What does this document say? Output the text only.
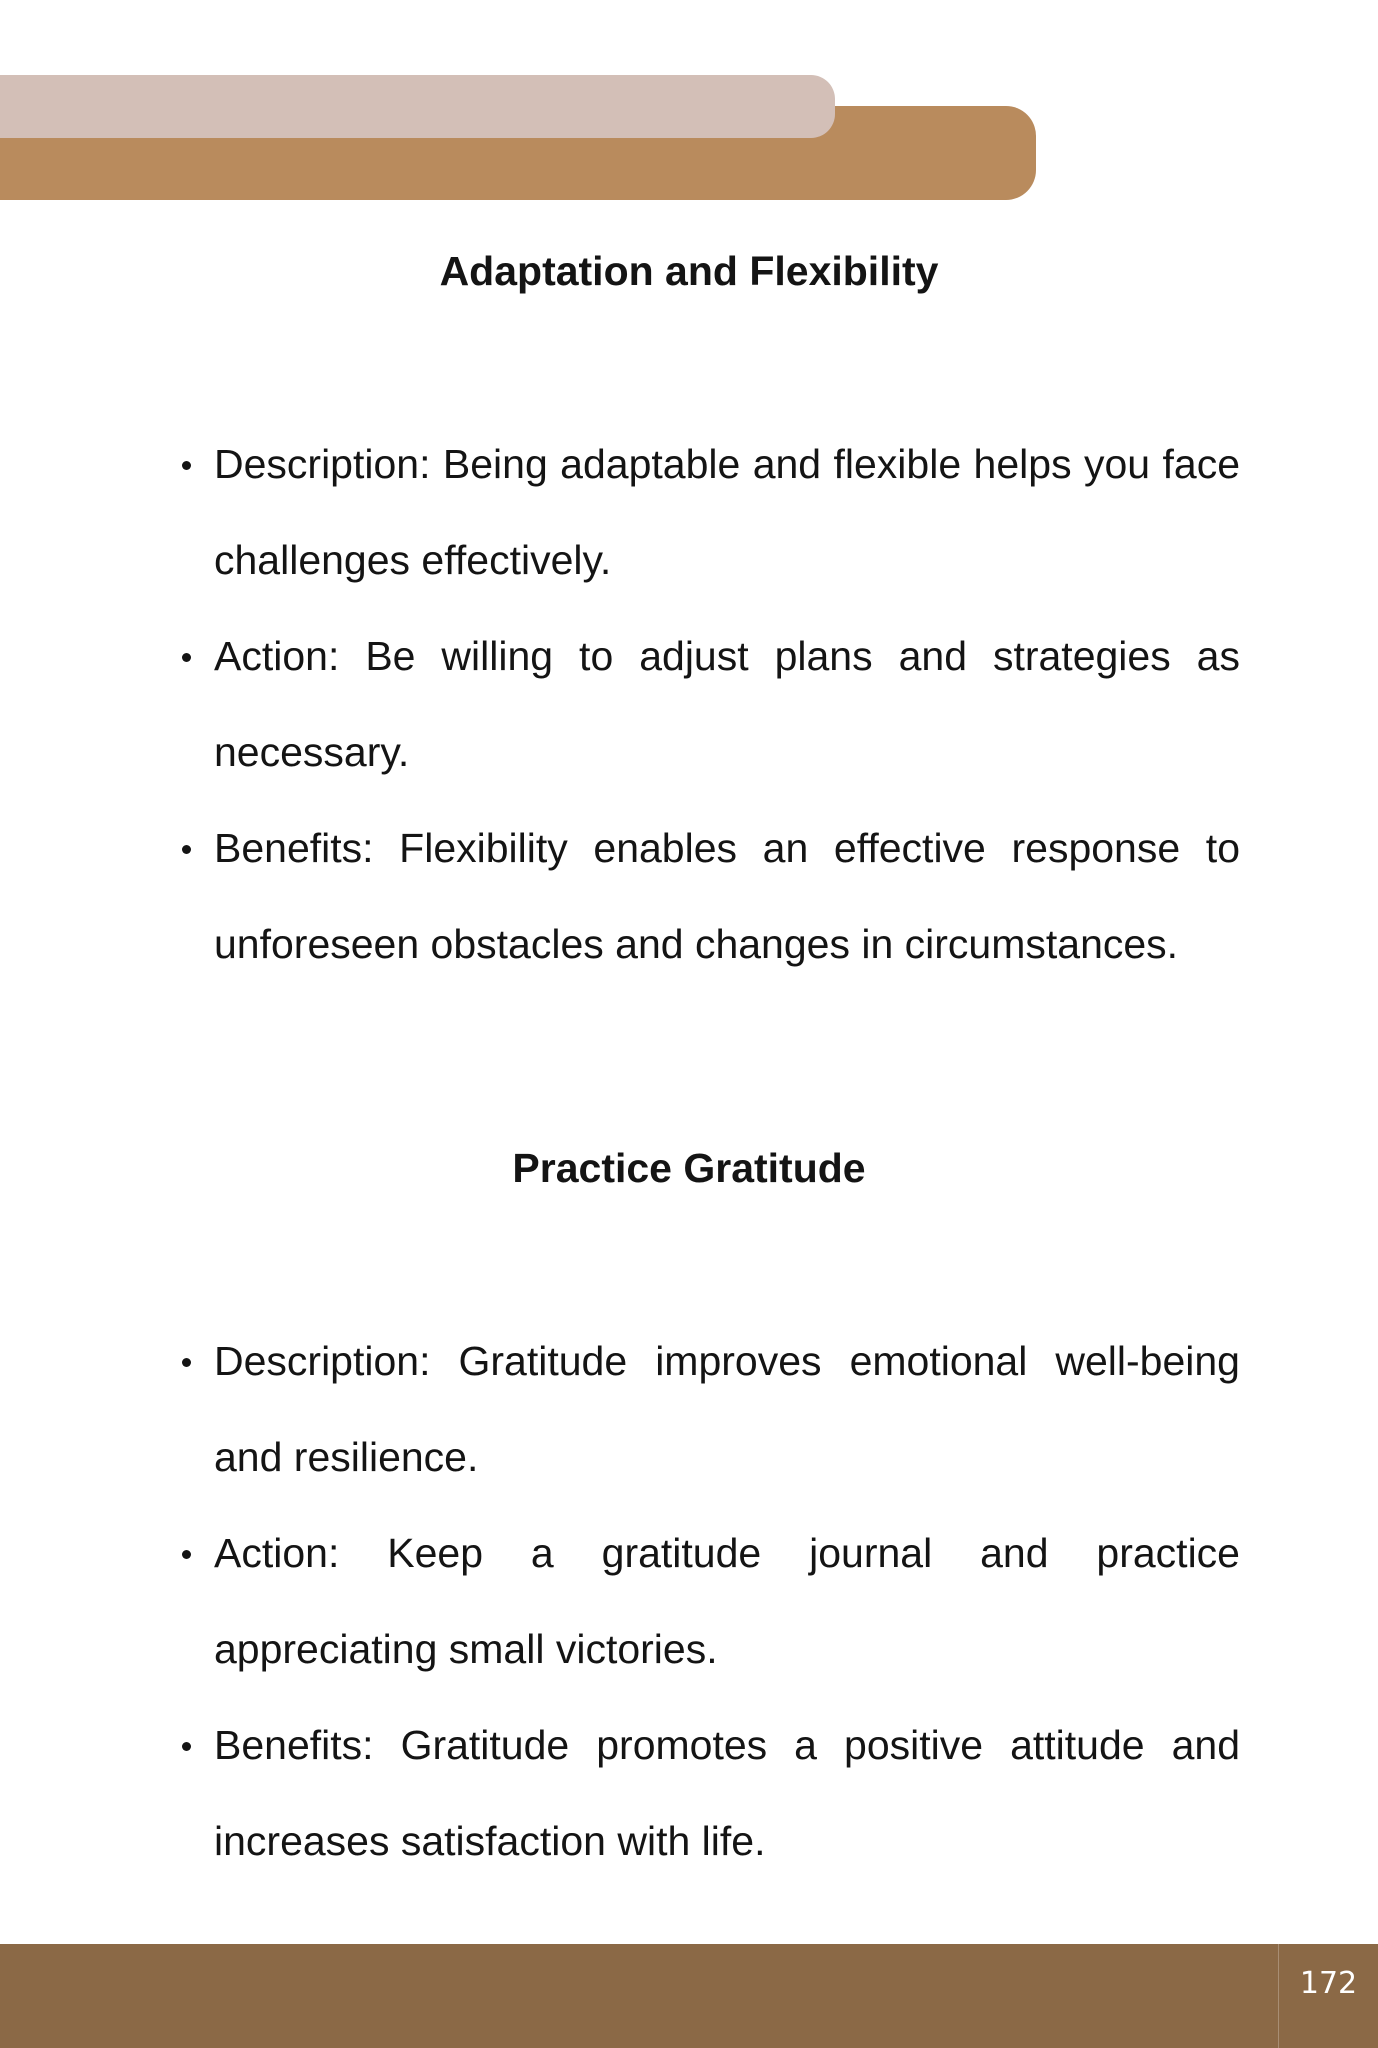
Adaptation and Flexibility
Description: Being adaptable and flexible helps you face challenges effectively.
Action: Be willing to adjust plans and strategies as necessary.
Benefits: Flexibility enables an effective response to unforeseen obstacles and changes in circumstances.
Practice Gratitude
Description: Gratitude improves emotional well-being and resilience.
Action: Keep a gratitude journal and practice appreciating small victories.
Benefits: Gratitude promotes a positive attitude and increases satisfaction with life.
172
